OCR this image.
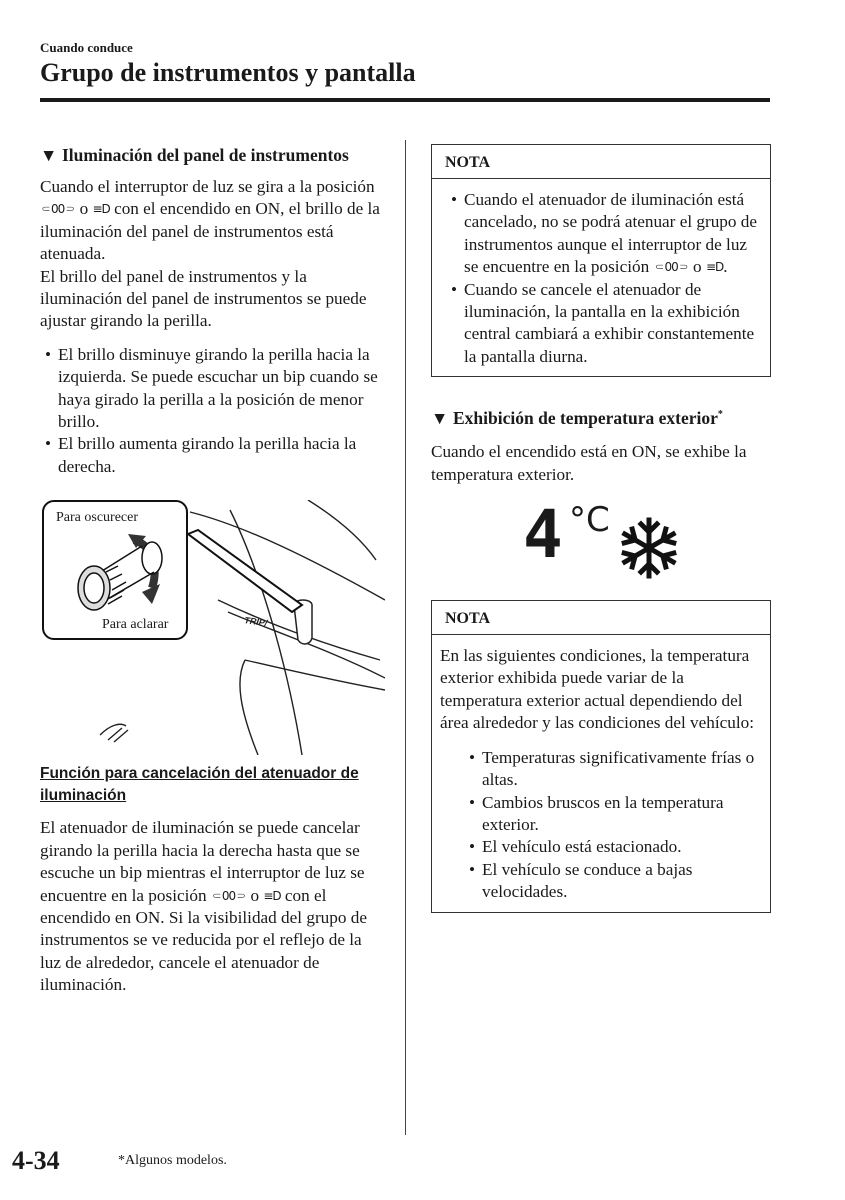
Cuando conduce
Grupo de instrumentos y pantalla
▼ Iluminación del panel de instrumentos

Cuando el interruptor de luz se gira a la posición ⸦00⸧ o ≡D con el encendido en ON, el brillo de la iluminación del panel de instrumentos está atenuada.

El brillo del panel de instrumentos y la iluminación del panel de instrumentos se puede ajustar girando la perilla.

• El brillo disminuye girando la perilla hacia la izquierda. Se puede escuchar un bip cuando se haya girado la perilla a la posición de menor brillo.
• El brillo aumenta girando la perilla hacia la derecha.
TRIP/
Para oscurecer
Para aclarar
Función para cancelación del atenuador de iluminación

El atenuador de iluminación se puede cancelar girando la perilla hacia la derecha hasta que se escuche un bip mientras el interruptor de luz se encuentre en la posición ⸦00⸧ o ≡D con el encendido en ON. Si la visibilidad del grupo de instrumentos se ve reducida por el reflejo de la luz de alrededor, cancele el atenuador de iluminación.

NOTA
• Cuando el atenuador de iluminación está cancelado, no se podrá atenuar el grupo de instrumentos aunque el interruptor de luz se encuentre en la posición ⸦00⸧ o ≡D.
• Cuando se cancele el atenuador de iluminación, la pantalla en la exhibición central cambiará a exhibir constantemente la pantalla diurna.
▼ Exhibición de temperatura exterior*

Cuando el encendido está en ON, se exhibe la temperatura exterior.

4 °C
NOTA

En las siguientes condiciones, la temperatura exterior exhibida puede variar de la temperatura exterior actual dependiendo del área alrededor y las condiciones del vehículo:

• Temperaturas significativamente frías o altas.
• Cambios bruscos en la temperatura exterior.
• El vehículo está estacionado.
• El vehículo se conduce a bajas velocidades.
4-34	*Algunos modelos.
